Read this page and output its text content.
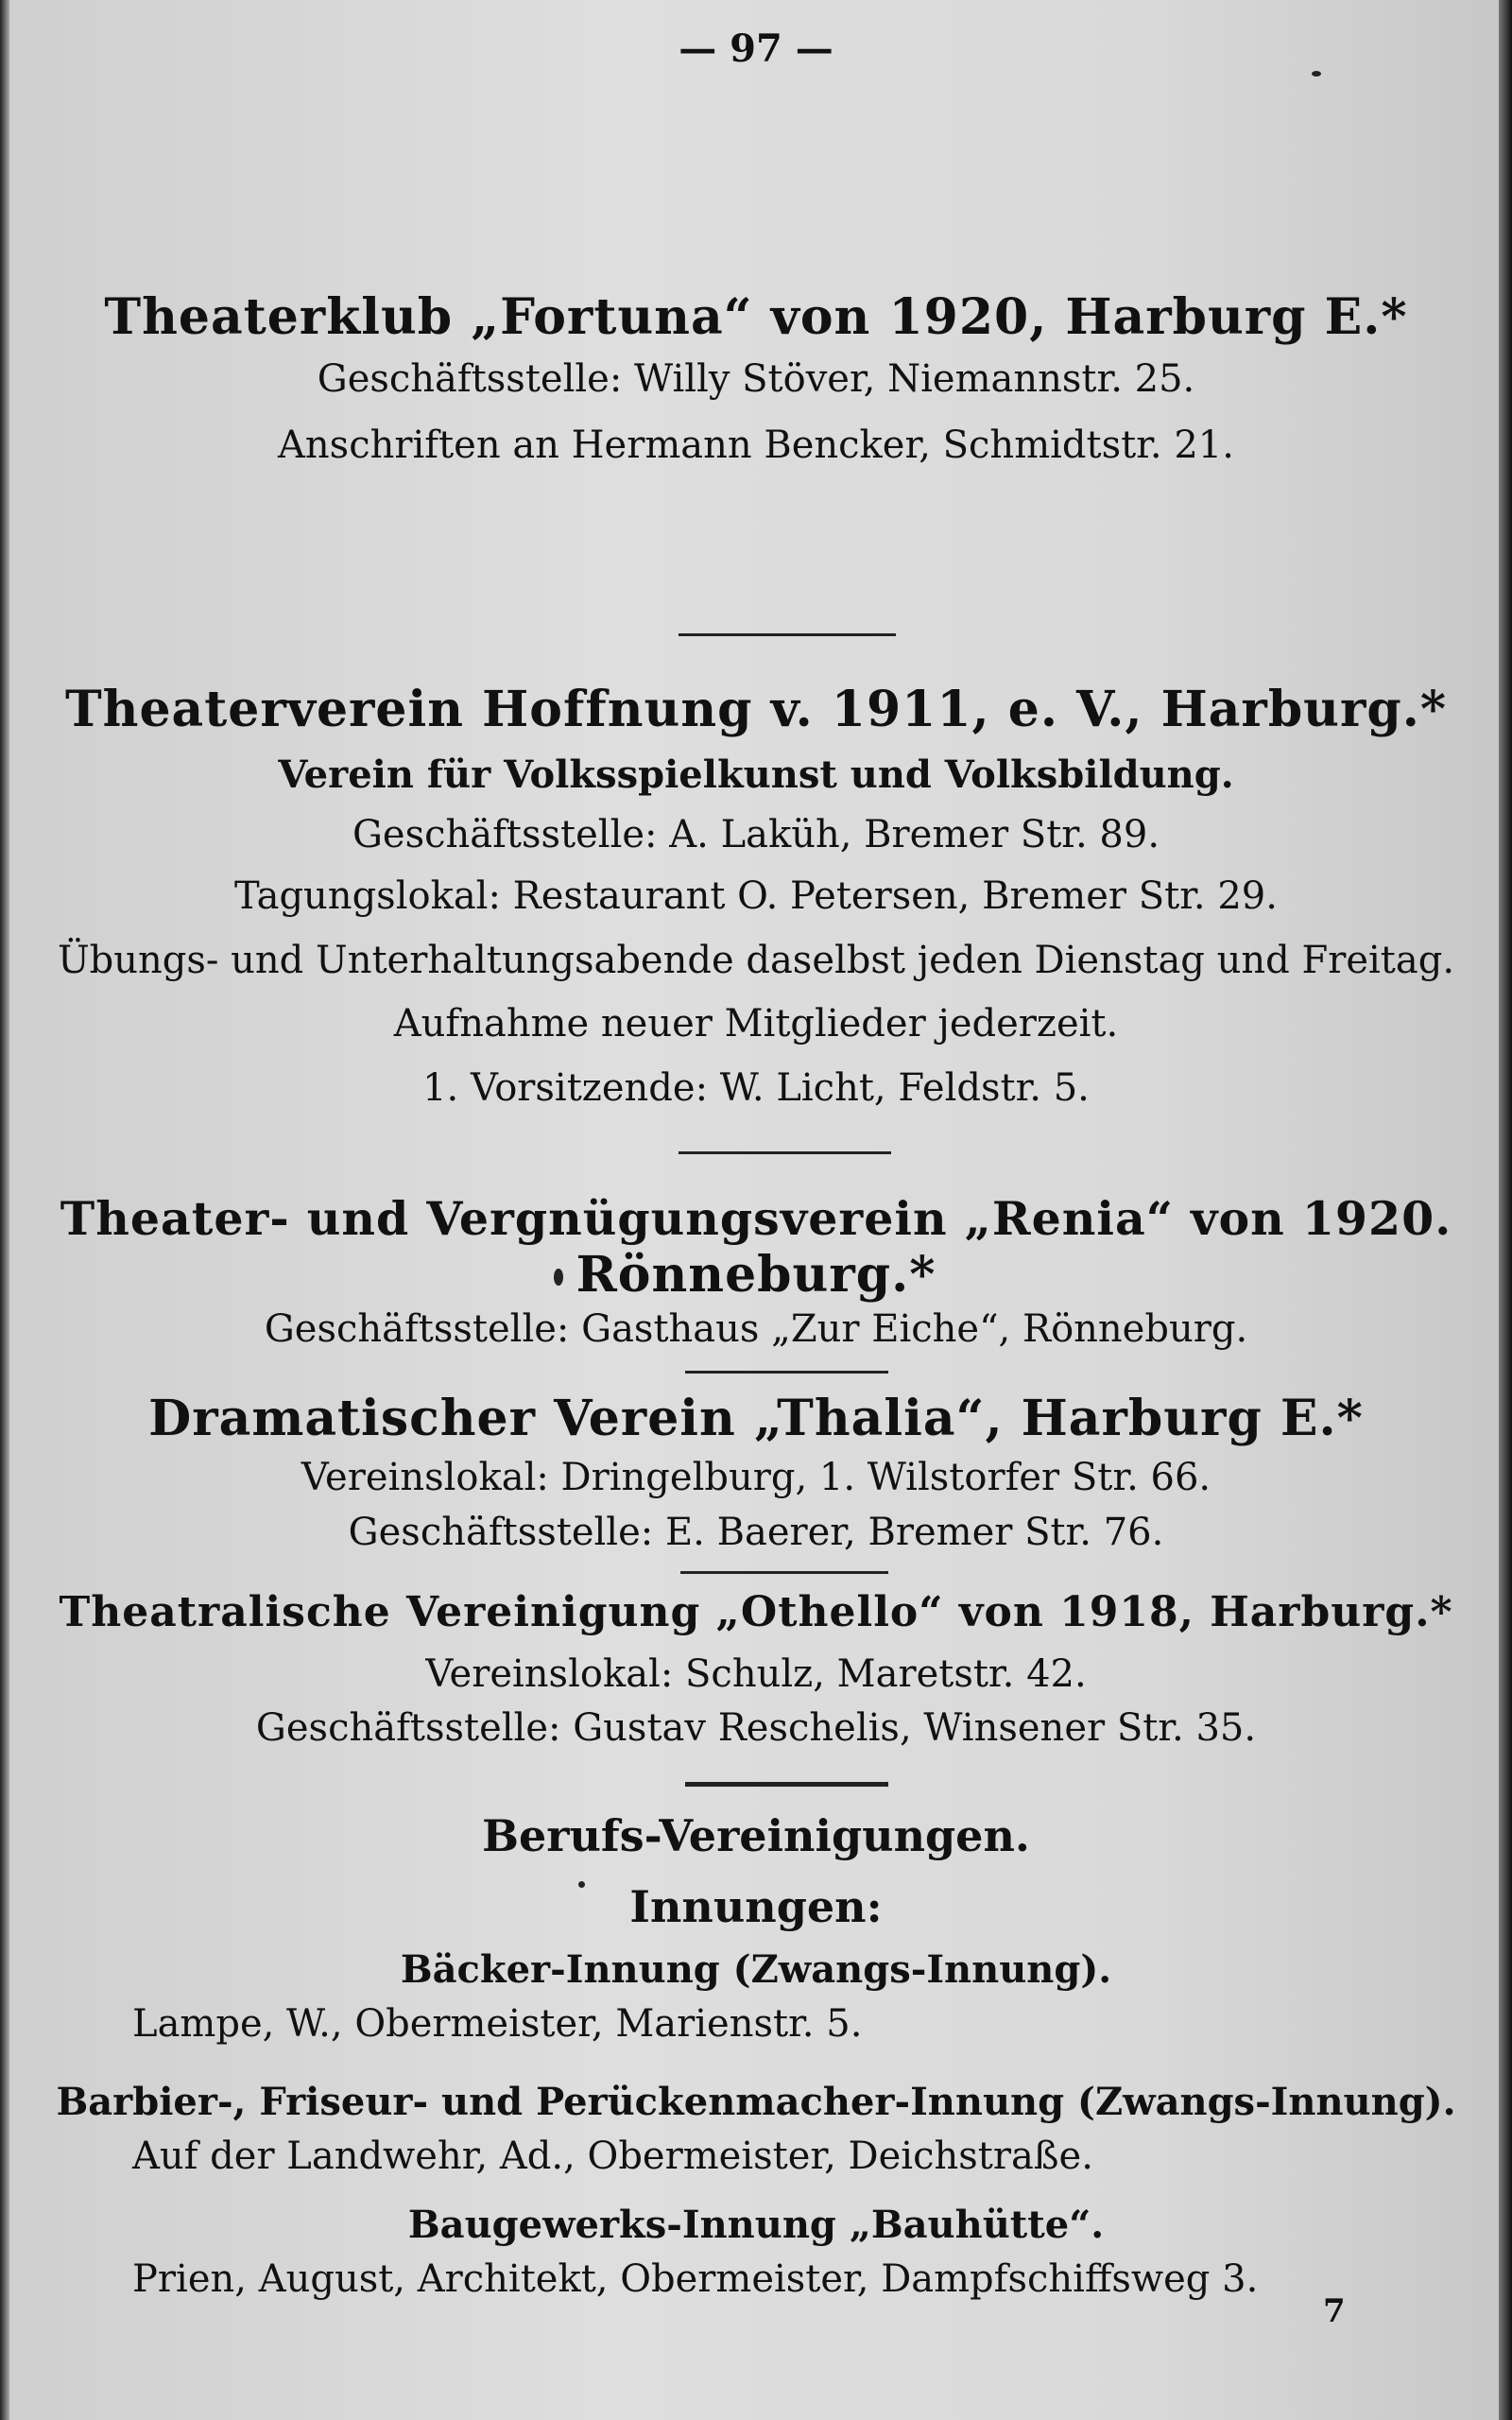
— 97 —
Theaterklub „Fortuna“ von 1920, Harburg E.*
Geschäftsstelle: Willy Stöver, Niemannstr. 25.
Anschriften an Hermann Bencker, Schmidtstr. 21.
Theaterverein Hoffnung v. 1911, e. V., Harburg.*
Verein für Volksspielkunst und Volksbildung.
Geschäftsstelle: A. Laküh, Bremer Str. 89.
Tagungslokal: Restaurant O. Petersen, Bremer Str. 29.
Übungs- und Unterhaltungsabende daselbst jeden Dienstag und Freitag.
Aufnahme neuer Mitglieder jederzeit.
1. Vorsitzende: W. Licht, Feldstr. 5.
Theater- und Vergnügungsverein „Renia“ von 1920.
Rönneburg.*
Geschäftsstelle: Gasthaus „Zur Eiche“, Rönneburg.
Dramatischer Verein „Thalia“, Harburg E.*
Vereinslokal: Dringelburg, 1. Wilstorfer Str. 66.
Geschäftsstelle: E. Baerer, Bremer Str. 76.
Theatralische Vereinigung „Othello“ von 1918, Harburg.*
Vereinslokal: Schulz, Maretstr. 42.
Geschäftsstelle: Gustav Reschelis, Winsener Str. 35.
Berufs-Vereinigungen.
Innungen:
Bäcker-Innung (Zwangs-Innung).
Lampe, W., Obermeister, Marienstr. 5.
Barbier-, Friseur- und Perückenmacher-Innung (Zwangs-Innung).
Auf der Landwehr, Ad., Obermeister, Deichstraße.
Baugewerks-Innung „Bauhütte“.
Prien, August, Architekt, Obermeister, Dampfschiffsweg 3.
7
